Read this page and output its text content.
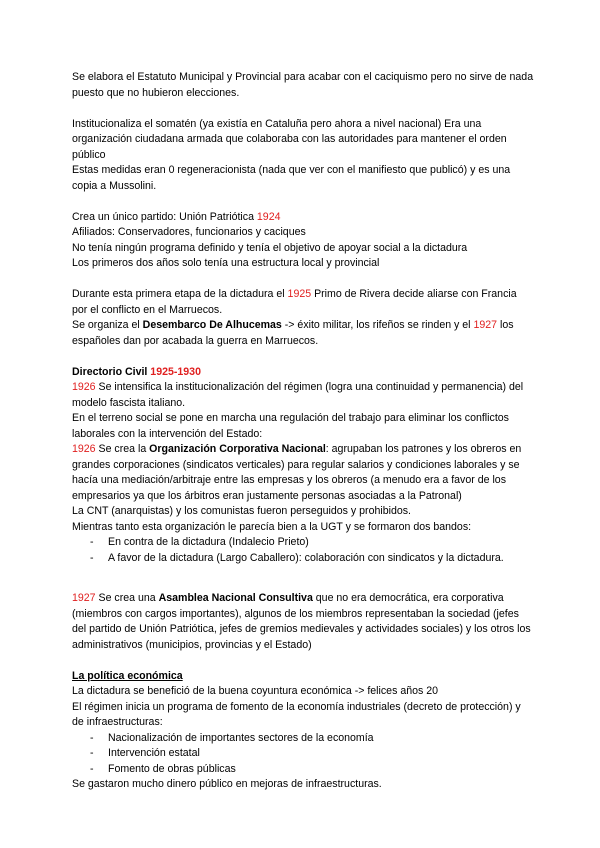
Se elabora el Estatuto Municipal y Provincial para acabar con el caciquismo pero no sirve de nada puesto que no hubieron elecciones.

Institucionaliza el somatén (ya existía en Cataluña pero ahora a nivel nacional) Era una organización ciudadana armada que colaboraba con las autoridades para mantener el orden público

Estas medidas eran 0 regeneracionista (nada que ver con el manifiesto que publicó) y es una copia a Mussolini.

Crea un único partido: Unión Patriótica 1924

Afiliados: Conservadores, funcionarios y caciques

No tenía ningún programa definido y tenía el objetivo de apoyar social a la dictadura

Los primeros dos años solo tenía una estructura local y provincial

Durante esta primera etapa de la dictadura el 1925 Primo de Rivera decide aliarse con Francia por el conflicto en el Marruecos.

Se organiza el Desembarco De Alhucemas -> éxito militar, los rifeños se rinden y el 1927 los españoles dan por acabada la guerra en Marruecos.

Directorio Civil 1925-1930

1926 Se intensifica la institucionalización del régimen (logra una continuidad y permanencia) del modelo fascista italiano.

En el terreno social se pone en marcha una regulación del trabajo para eliminar los conflictos laborales con la intervención del Estado:

1926 Se crea la Organización Corporativa Nacional: agrupaban los patrones y los obreros en grandes corporaciones (sindicatos verticales) para regular salarios y condiciones laborales y se hacía una mediación/arbitraje entre las empresas y los obreros (a menudo era a favor de los empresarios ya que los árbitros eran justamente personas asociadas a la Patronal)

La CNT (anarquistas) y los comunistas fueron perseguidos y prohibidos.

Mientras tanto esta organización le parecía bien a la UGT y se formaron dos bandos:

- En contra de la dictadura (Indalecio Prieto)
- A favor de la dictadura (Largo Caballero): colaboración con sindicatos y la dictadura.

1927 Se crea una Asamblea Nacional Consultiva que no era democrática, era corporativa (miembros con cargos importantes), algunos de los miembros representaban la sociedad (jefes del partido de Unión Patriótica, jefes de gremios medievales y actividades sociales) y los otros los administrativos (municipios, provincias y el Estado)

La política económica

La dictadura se benefició de la buena coyuntura económica -> felices años 20

El régimen inicia un programa de fomento de la economía industriales (decreto de protección) y de infraestructuras:

- Nacionalización de importantes sectores de la economía
- Intervención estatal
- Fomento de obras públicas

Se gastaron mucho dinero público en mejoras de infraestructuras.
